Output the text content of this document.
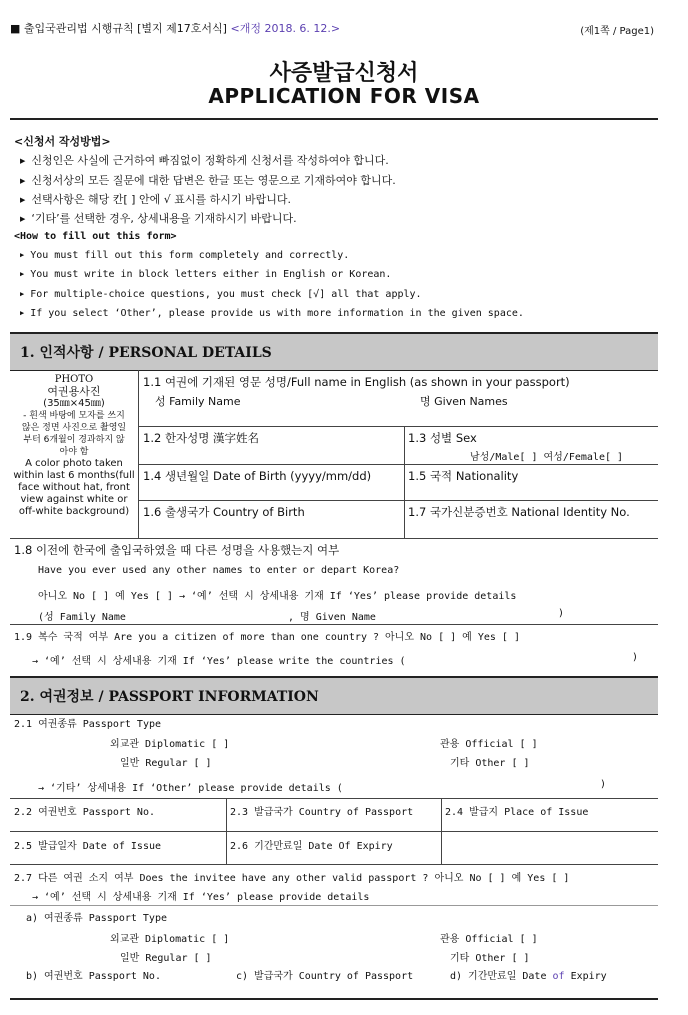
■ 출입국관리법 시행규칙 [별지 제17호서식] <개정 2018. 6. 12.>	(제1쪽 / Page1)
사증발급신청서
APPLICATION FOR VISA
<신청서 작성방법>
▶ 신청인은 사실에 근거하여 빠짐없이 정확하게 신청서를 작성하여야 합니다.
▶ 신청서상의 모든 질문에 대한 답변은 한글 또는 영문으로 기재하여야 합니다.
▶ 선택사항은 해당 칸[ ] 안에 √ 표시를 하시기 바랍니다.
▶ ‘기타’를 선택한 경우, 상세내용을 기재하시기 바랍니다.
<How to fill out this form>
▶ You must fill out this form completely and correctly.
▶ You must write in block letters either in English or Korean.
▶ For multiple-choice questions, you must check [√] all that apply.
▶ If you select ‘Other’, please provide us with more information in the given space.
1. 인적사항 / PERSONAL DETAILS
PHOTO
여권용사진
(35㎜×45㎜)
- 흰색 바탕에 모자를 쓰지
않은 정면 사진으로 촬영일
부터 6개월이 경과하지 않
아야 함
A color photo taken
within last 6 months(full
face without hat, front
view against white or
off-white background)
1.1 여권에 기재된 영문 성명/Full name in English (as shown in your passport)
성 Family Name	명 Given Names
1.2 한자성명 漢字姓名	1.3 성별 Sex
남성/Male[ ] 여성/Female[ ]
1.4 생년월일 Date of Birth (yyyy/mm/dd)	1.5 국적 Nationality
1.6 출생국가 Country of Birth	1.7 국가신분증번호 National Identity No.
1.8 이전에 한국에 출입국하였을 때 다른 성명을 사용했는지 여부
Have you ever used any other names to enter or depart Korea?
아니오 No [ ] 예 Yes [ ] → ‘예’ 선택 시 상세내용 기재 If ‘Yes’ please provide details
(성 Family Name	, 명 Given Name	)
1.9 복수 국적 여부 Are you a citizen of more than one country ? 아니오 No [ ] 예 Yes [ ]
→ ‘예’ 선택 시 상세내용 기재 If ‘Yes’ please write the countries (	)
2. 여권정보 / PASSPORT INFORMATION
2.1 여권종류 Passport Type
외교관 Diplomatic [ ]	관용 Official [ ]
일반 Regular [ ]	기타 Other [ ]
→ ‘기타’ 상세내용 If ‘Other’ please provide details (	)
2.2 여권번호 Passport No.	2.3 발급국가 Country of Passport	2.4 발급지 Place of Issue
2.5 발급일자 Date of Issue	2.6 기간만료일 Date Of Expiry
2.7 다른 여권 소지 여부 Does the invitee have any other valid passport ? 아니오 No [ ] 예 Yes [ ]
→ ‘예’ 선택 시 상세내용 기재 If ‘Yes’ please provide details
a) 여권종류 Passport Type
외교관 Diplomatic [ ]	관용 Official [ ]
일반 Regular [ ]	기타 Other [ ]
b) 여권번호 Passport No.	c) 발급국가 Country of Passport	d) 기간만료일 Date of Expiry
